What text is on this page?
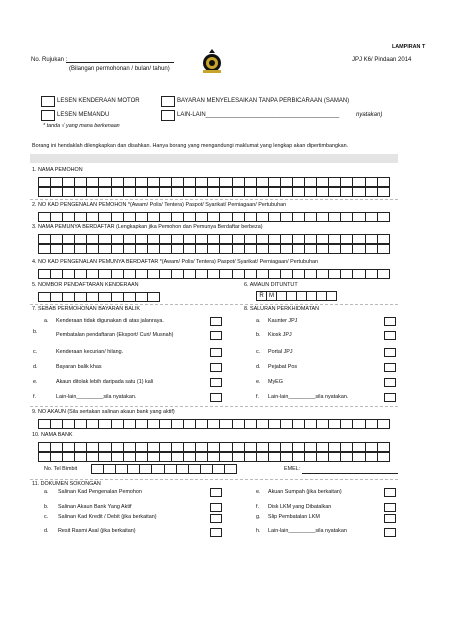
LAMPIRAN T
No. Rujukan :
(Bilangan permohonan / bulan/ tahun)
JPJ K6/ Pindaan 2014
LESEN KENDERAAN MOTOR
LESEN MEMANDU
BAYARAN MENYELESAIKAN TANPA PERBICARAAN (SAMAN)
LAIN-LAIN________________________________________	nyatakan)
* tanda √ yang mana berkenaan
Borang ini hendaklah dilengkapkan dan disahkan. Hanya borang yang mengandungi maklumat yang lengkap akan dipertimbangkan.
1. NAMA PEMOHON
2. NO KAD PENGENALAN PEMOHON *(Awam/ Polis/ Tentera) Paspot/ Syarikat/ Perniagaan/ Pertubuhan
3. NAMA PEMUNYA BERDAFTAR (Lengkapkan jika Pemohon dan Pemunya Berdaftar berbeza)
4. NO KAD PENGENALAN PEMUNYA BERDAFTAR *(Awam/ Polis/ Tentera) Paspot/ Syarikat/ Perniagaan/ Pertubuhan
5. NOMBOR PENDAFTARAN KENDERAAN	6. AMAUN DITUNTUT
R M
7. SEBAB PERMOHONAN BAYARAN BALIK	8. SALURAN PERKHIDMATAN
a. Kenderaan tidak digunakan di atas jalanraya.
b.	Pembatalan pendaftaran (Eksport/ Curi/ Musnah)
c.	Kenderaan kecurian/ hilang.
d.	Bayaran balik khas
e.	Akaun ditolak lebih daripada satu (1) kali
f.	Lain-lain_________sila nyatakan.
a. Kaunter JPJ
b. Kiosk JPJ
c. Portal JPJ
d. Pejabat Pos
e. MyEG
f. Lain-lain_________sila nyatakan.
9. NO AKAUN (Sila sertakan salinan akaun bank yang aktif)
10. NAMA BANK
No. Tel Bimbit	EMEL:
11. DOKUMEN SOKONGAN
a. Salinan Kad Pengenalan Pemohon
b. Salinan Akaun Bank Yang Aktif
c. Salinan Kad Kredit / Debit (jika berkaitan)
d. Resit Rasmi Asal (jika berkaitan)
e. Akuan Sumpah (jika berkaitan)
f. Disk LKM yang Dibatalkan
g. Slip Pembatalan LKM
h. Lain-lain_________sila nyatakan
